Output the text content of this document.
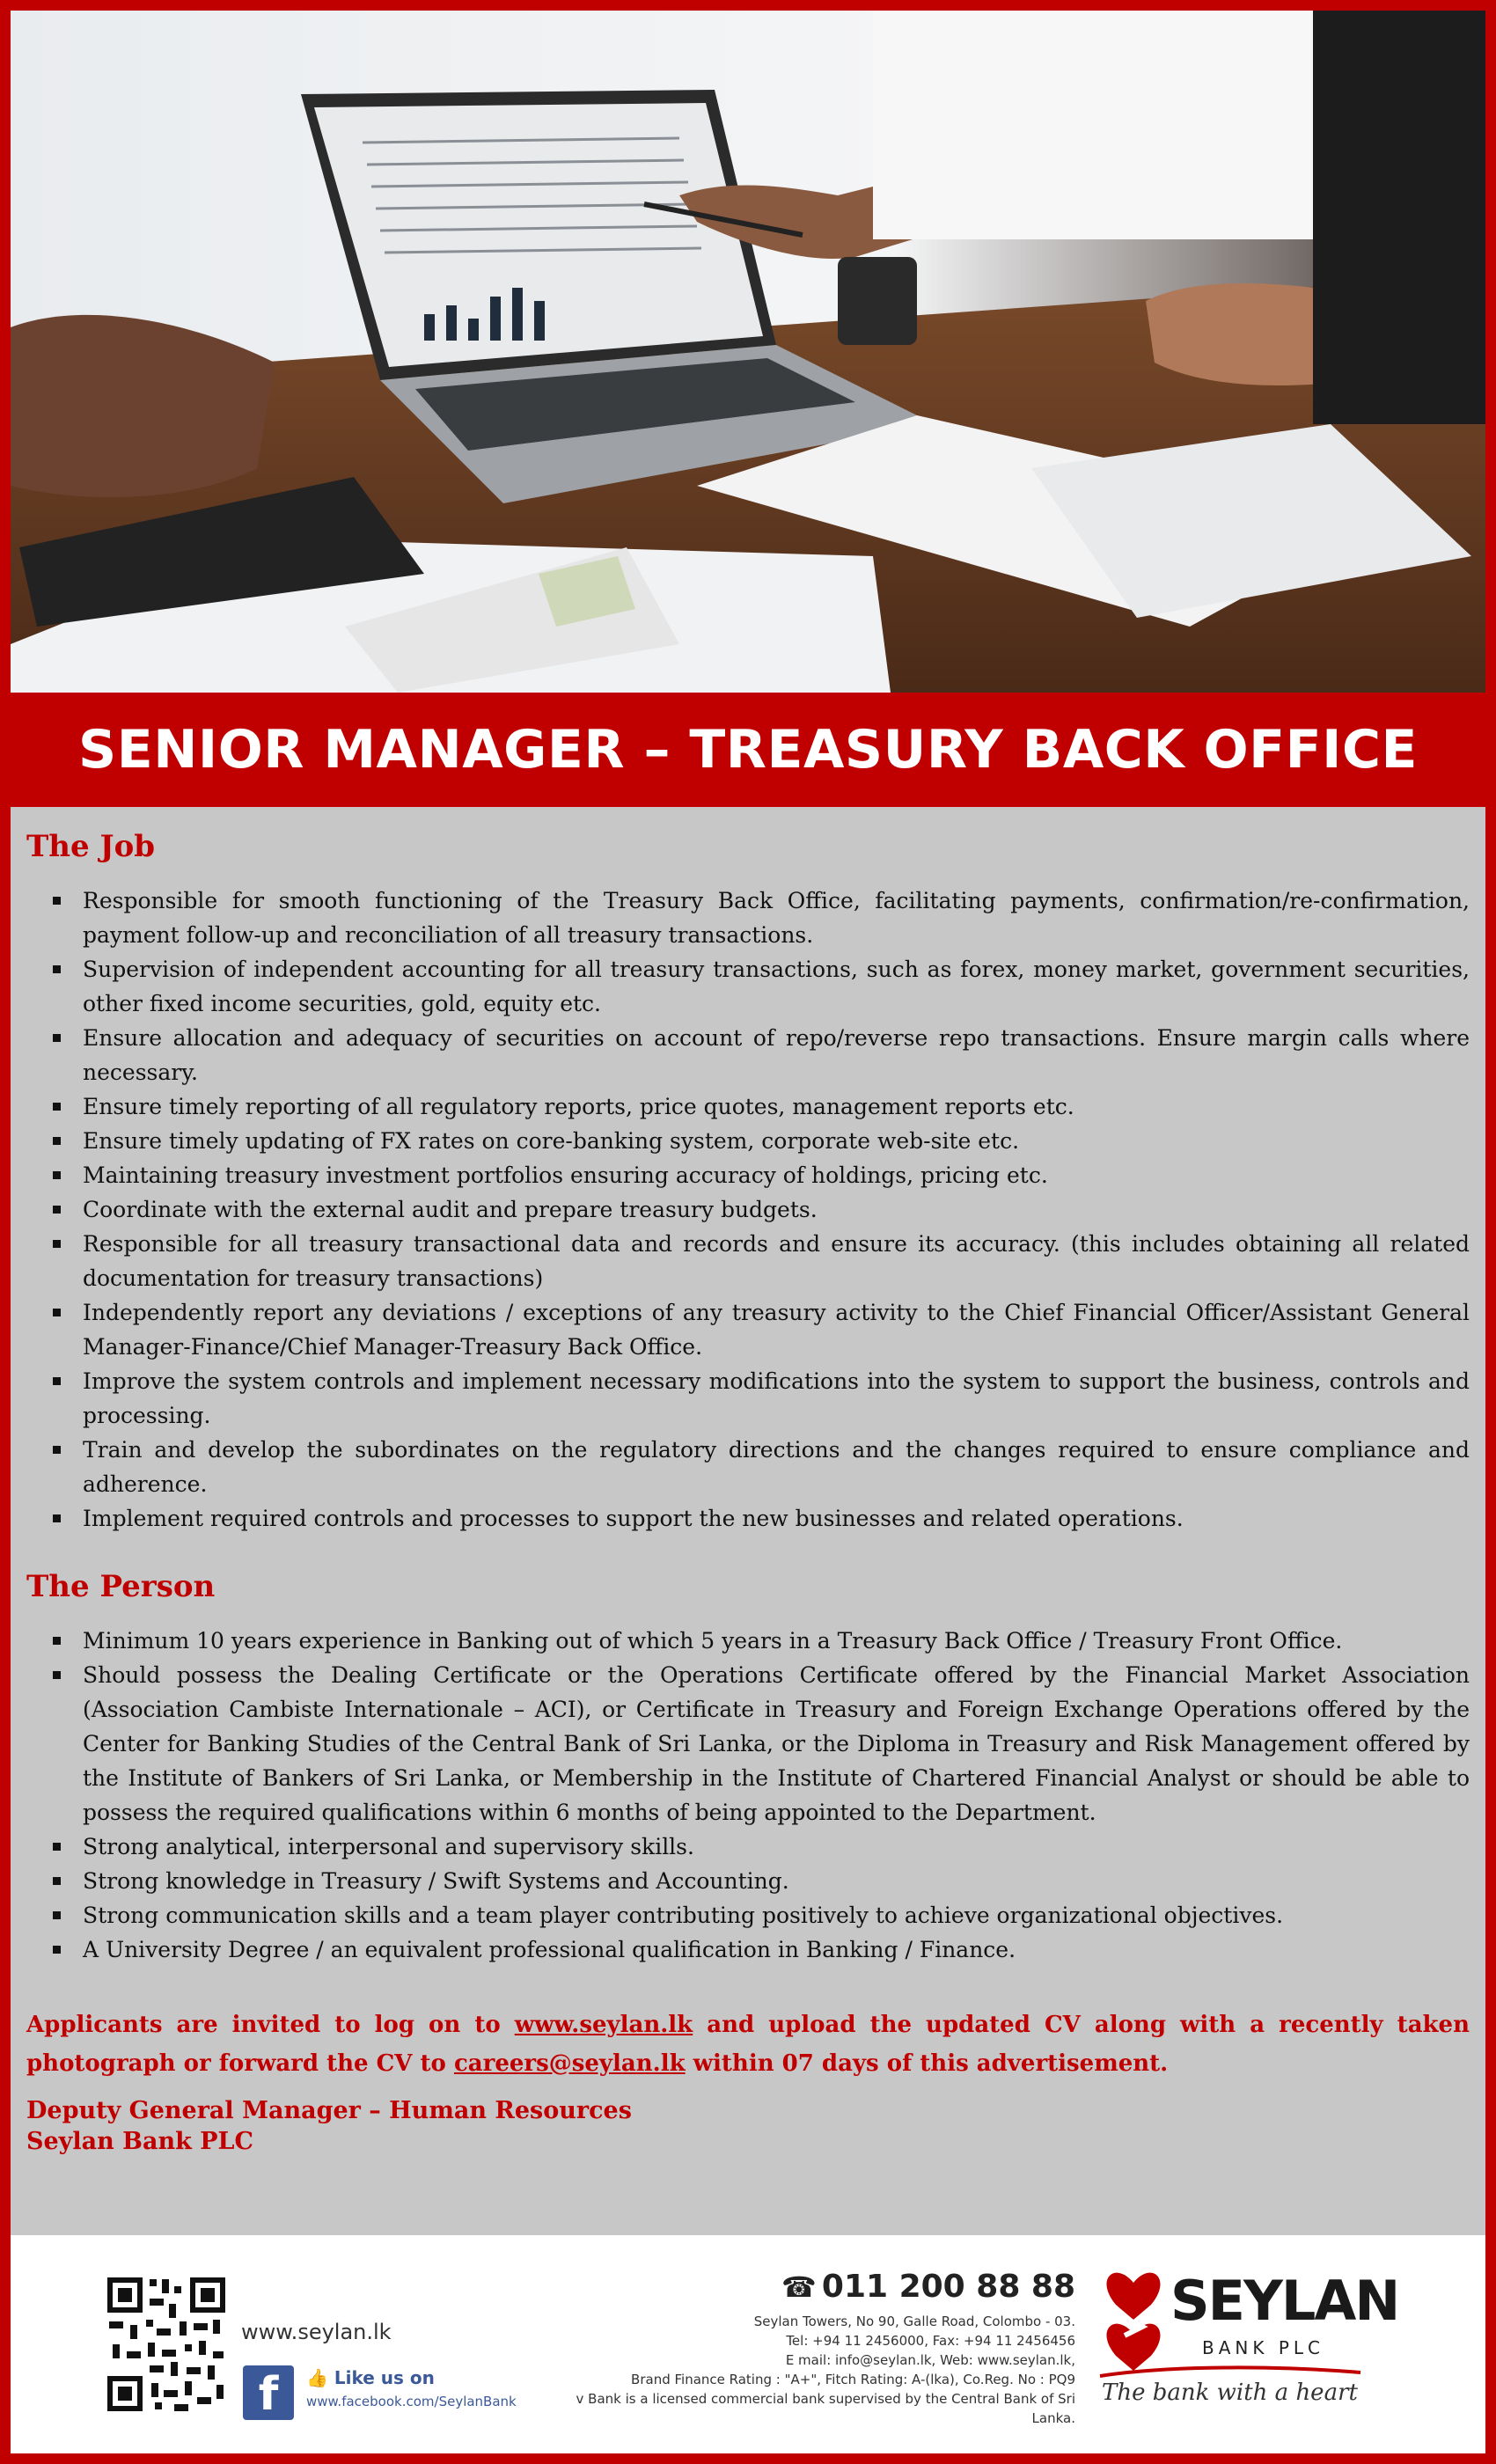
SENIOR MANAGER – TREASURY BACK OFFICE
The Job
Responsible for smooth functioning of the Treasury Back Office, facilitating payments, confirmation/re-confirmation, payment follow-up and reconciliation of all treasury transactions.
Supervision of independent accounting for all treasury transactions, such as forex, money market, government securities, other fixed income securities, gold, equity etc.
Ensure allocation and adequacy of securities on account of repo/reverse repo transactions. Ensure margin calls where necessary.
Ensure timely reporting of all regulatory reports, price quotes, management reports etc.
Ensure timely updating of FX rates on core-banking system, corporate web-site etc.
Maintaining treasury investment portfolios ensuring accuracy of holdings, pricing etc.
Coordinate with the external audit and prepare treasury budgets.
Responsible for all treasury transactional data and records and ensure its accuracy. (this includes obtaining all related documentation for treasury transactions)
Independently report any deviations / exceptions of any treasury activity to the Chief Financial Officer/Assistant General Manager-Finance/Chief Manager-Treasury Back Office.
Improve the system controls and implement necessary modifications into the system to support the business, controls and processing.
Train and develop the subordinates on the regulatory directions and the changes required to ensure compliance and adherence.
Implement required controls and processes to support the new businesses and related operations.
The Person
Minimum 10 years experience in Banking out of which 5 years in a Treasury Back Office / Treasury Front Office.
Should possess the Dealing Certificate or the Operations Certificate offered by the Financial Market Association (Association Cambiste Internationale – ACI), or Certificate in Treasury and Foreign Exchange Operations offered by the Center for Banking Studies of the Central Bank of Sri Lanka, or the Diploma in Treasury and Risk Management offered by the Institute of Bankers of Sri Lanka, or Membership in the Institute of Chartered Financial Analyst or should be able to possess the required qualifications within 6 months of being appointed to the Department.
Strong analytical, interpersonal and supervisory skills.
Strong knowledge in Treasury / Swift Systems and Accounting.
Strong communication skills and a team player contributing positively to achieve organizational objectives.
A University Degree / an equivalent professional qualification in Banking / Finance.
Applicants are invited to log on to www.seylan.lk and upload the updated CV along with a recently taken photograph or forward the CV to careers@seylan.lk within 07 days of this advertisement.
Deputy General Manager – Human Resources
Seylan Bank PLC
www.seylan.lk
f	👍 Like us on
www.facebook.com/SeylanBank
☎ 011 200 88 88
Seylan Towers, No 90, Galle Road, Colombo - 03.
Tel: +94 11 2456000, Fax: +94 11 2456456
E mail: info@seylan.lk, Web: www.seylan.lk,
Brand Finance Rating : "A+", Fitch Rating: A-(lka), Co.Reg. No : PQ9
v Bank is a licensed commercial bank supervised by the Central Bank of Sri Lanka.
SEYLAN
BANK PLC
The bank with a heart
